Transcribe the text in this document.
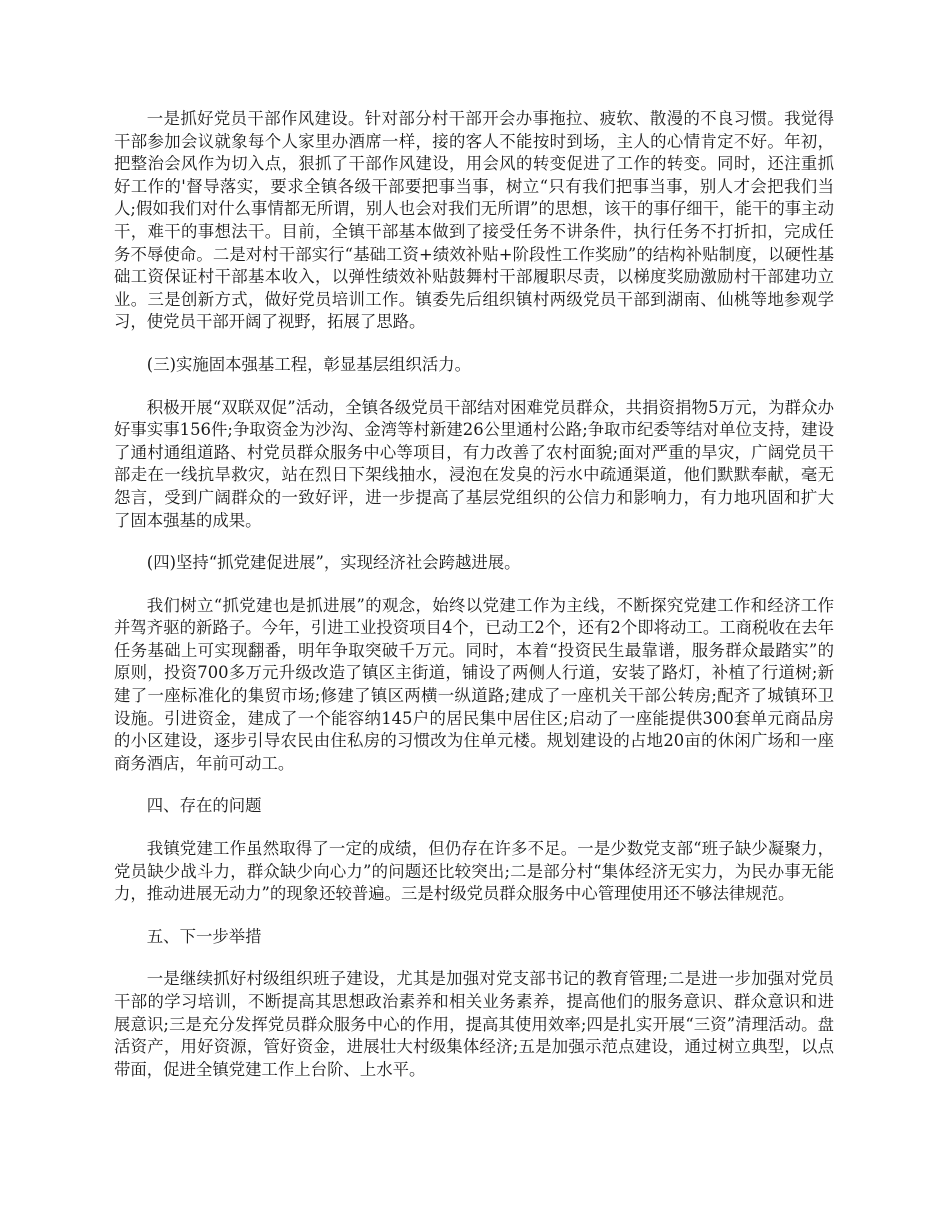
一是抓好党员干部作风建设。针对部分村干部开会办事拖拉、疲软、散漫的不良习惯。我觉得干部参加会议就象每个人家里办酒席一样，接的客人不能按时到场，主人的心情肯定不好。年初，把整治会风作为切入点，狠抓了干部作风建设，用会风的转变促进了工作的转变。同时，还注重抓好工作的'督导落实，要求全镇各级干部要把事当事，树立“只有我们把事当事，别人才会把我们当人;假如我们对什么事情都无所谓，别人也会对我们无所谓”的思想，该干的事仔细干，能干的事主动干，难干的事想法干。目前，全镇干部基本做到了接受任务不讲条件，执行任务不打折扣，完成任务不辱使命。二是对村干部实行“基础工资+绩效补贴+阶段性工作奖励”的结构补贴制度，以硬性基础工资保证村干部基本收入，以弹性绩效补贴鼓舞村干部履职尽责，以梯度奖励激励村干部建功立业。三是创新方式，做好党员培训工作。镇委先后组织镇村两级党员干部到湖南、仙桃等地参观学习，使党员干部开阔了视野，拓展了思路。

(三)实施固本强基工程，彰显基层组织活力。

积极开展“双联双促”活动，全镇各级党员干部结对困难党员群众，共捐资捐物5万元，为群众办好事实事156件;争取资金为沙沟、金湾等村新建26公里通村公路;争取市纪委等结对单位支持，建设了通村通组道路、村党员群众服务中心等项目，有力改善了农村面貌;面对严重的旱灾，广阔党员干部走在一线抗旱救灾，站在烈日下架线抽水，浸泡在发臭的污水中疏通渠道，他们默默奉献，毫无怨言，受到广阔群众的一致好评，进一步提高了基层党组织的公信力和影响力，有力地巩固和扩大了固本强基的成果。

(四)坚持“抓党建促进展”，实现经济社会跨越进展。

我们树立“抓党建也是抓进展”的观念，始终以党建工作为主线，不断探究党建工作和经济工作并驾齐驱的新路子。今年，引进工业投资项目4个，已动工2个，还有2个即将动工。工商税收在去年任务基础上可实现翻番，明年争取突破千万元。同时，本着“投资民生最靠谱，服务群众最踏实”的原则，投资700多万元升级改造了镇区主街道，铺设了两侧人行道，安装了路灯，补植了行道树;新建了一座标准化的集贸市场;修建了镇区两横一纵道路;建成了一座机关干部公转房;配齐了城镇环卫设施。引进资金，建成了一个能容纳145户的居民集中居住区;启动了一座能提供300套单元商品房的小区建设，逐步引导农民由住私房的习惯改为住单元楼。规划建设的占地20亩的休闲广场和一座商务酒店，年前可动工。

四、存在的问题

我镇党建工作虽然取得了一定的成绩，但仍存在许多不足。一是少数党支部“班子缺少凝聚力，党员缺少战斗力，群众缺少向心力”的问题还比较突出;二是部分村“集体经济无实力，为民办事无能力，推动进展无动力”的现象还较普遍。三是村级党员群众服务中心管理使用还不够法律规范。

五、下一步举措

一是继续抓好村级组织班子建设，尤其是加强对党支部书记的教育管理;二是进一步加强对党员干部的学习培训，不断提高其思想政治素养和相关业务素养，提高他们的服务意识、群众意识和进展意识;三是充分发挥党员群众服务中心的作用，提高其使用效率;四是扎实开展“三资”清理活动。盘活资产，用好资源，管好资金，进展壮大村级集体经济;五是加强示范点建设，通过树立典型，以点带面，促进全镇党建工作上台阶、上水平。
